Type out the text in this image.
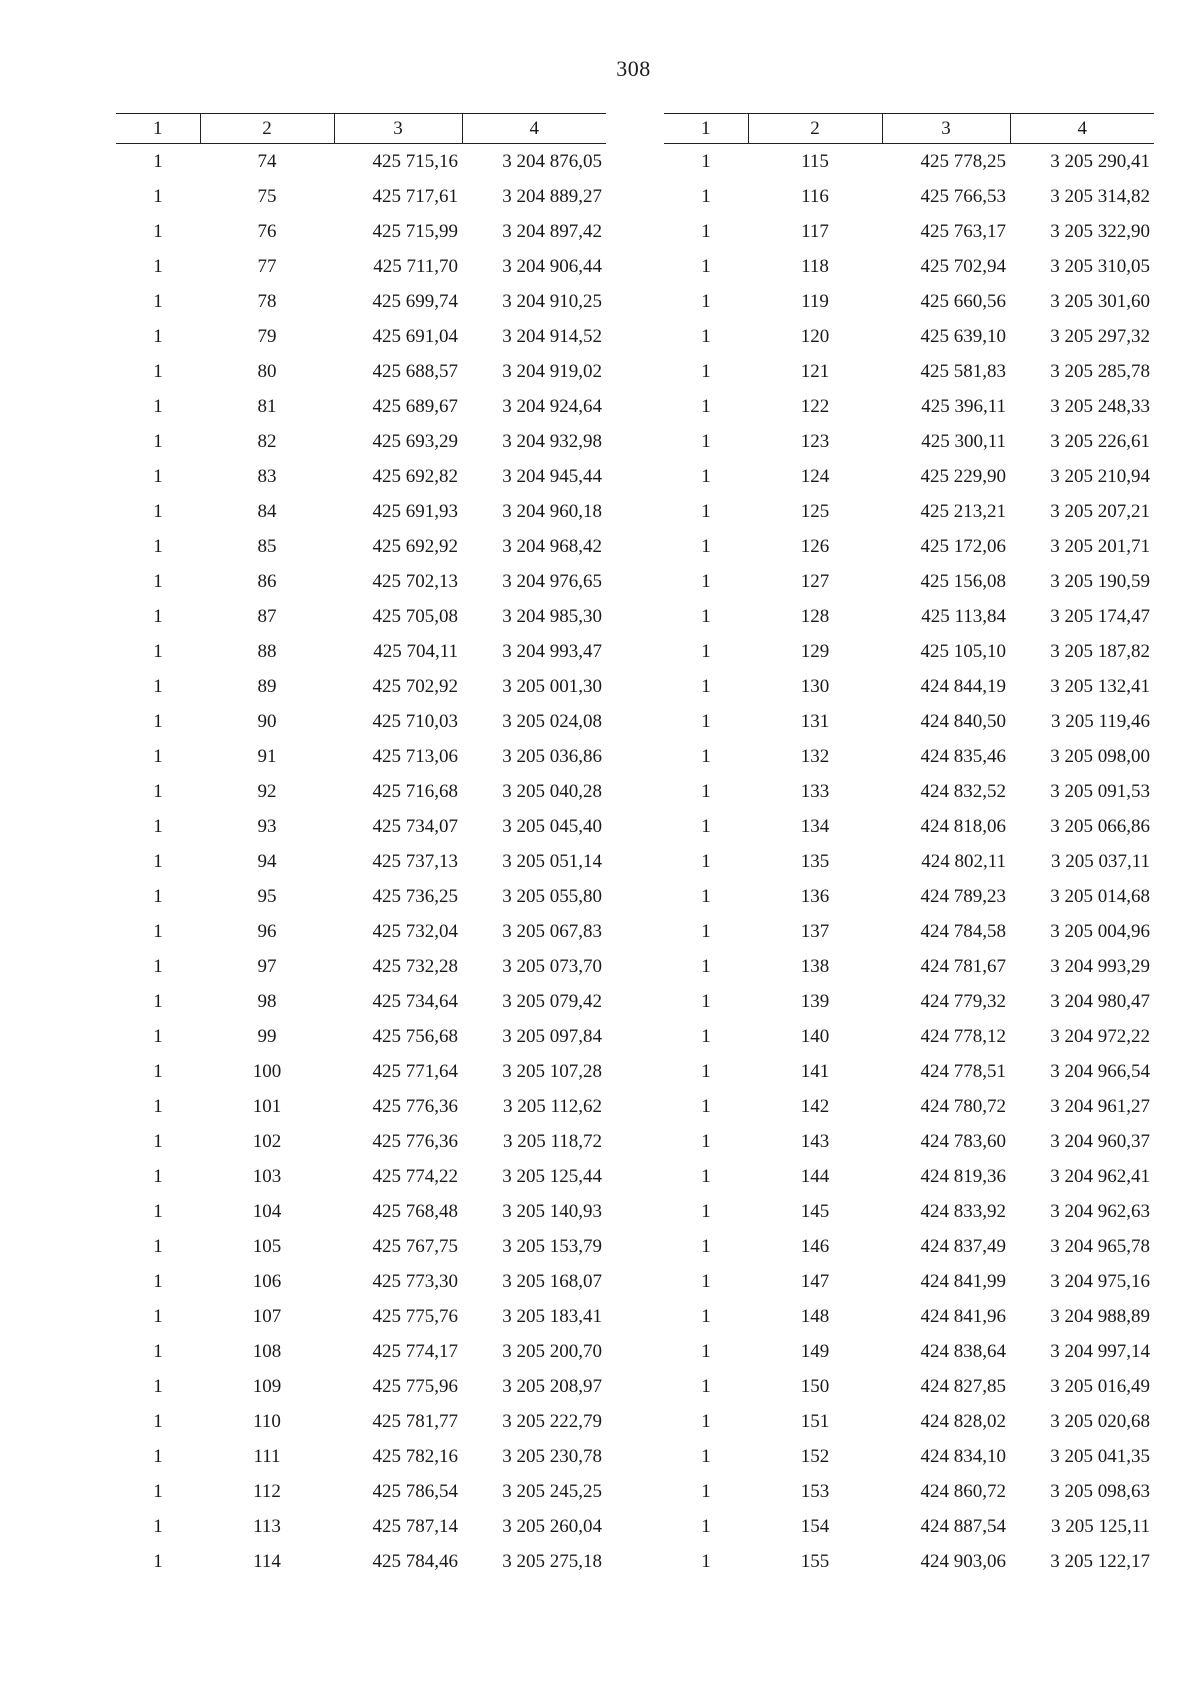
308
1	2	3	4
1	74	425 715,16	3 204 876,05
1	75	425 717,61	3 204 889,27
1	76	425 715,99	3 204 897,42
1	77	425 711,70	3 204 906,44
1	78	425 699,74	3 204 910,25
1	79	425 691,04	3 204 914,52
1	80	425 688,57	3 204 919,02
1	81	425 689,67	3 204 924,64
1	82	425 693,29	3 204 932,98
1	83	425 692,82	3 204 945,44
1	84	425 691,93	3 204 960,18
1	85	425 692,92	3 204 968,42
1	86	425 702,13	3 204 976,65
1	87	425 705,08	3 204 985,30
1	88	425 704,11	3 204 993,47
1	89	425 702,92	3 205 001,30
1	90	425 710,03	3 205 024,08
1	91	425 713,06	3 205 036,86
1	92	425 716,68	3 205 040,28
1	93	425 734,07	3 205 045,40
1	94	425 737,13	3 205 051,14
1	95	425 736,25	3 205 055,80
1	96	425 732,04	3 205 067,83
1	97	425 732,28	3 205 073,70
1	98	425 734,64	3 205 079,42
1	99	425 756,68	3 205 097,84
1	100	425 771,64	3 205 107,28
1	101	425 776,36	3 205 112,62
1	102	425 776,36	3 205 118,72
1	103	425 774,22	3 205 125,44
1	104	425 768,48	3 205 140,93
1	105	425 767,75	3 205 153,79
1	106	425 773,30	3 205 168,07
1	107	425 775,76	3 205 183,41
1	108	425 774,17	3 205 200,70
1	109	425 775,96	3 205 208,97
1	110	425 781,77	3 205 222,79
1	111	425 782,16	3 205 230,78
1	112	425 786,54	3 205 245,25
1	113	425 787,14	3 205 260,04
1	114	425 784,46	3 205 275,18
1	2	3	4
1	115	425 778,25	3 205 290,41
1	116	425 766,53	3 205 314,82
1	117	425 763,17	3 205 322,90
1	118	425 702,94	3 205 310,05
1	119	425 660,56	3 205 301,60
1	120	425 639,10	3 205 297,32
1	121	425 581,83	3 205 285,78
1	122	425 396,11	3 205 248,33
1	123	425 300,11	3 205 226,61
1	124	425 229,90	3 205 210,94
1	125	425 213,21	3 205 207,21
1	126	425 172,06	3 205 201,71
1	127	425 156,08	3 205 190,59
1	128	425 113,84	3 205 174,47
1	129	425 105,10	3 205 187,82
1	130	424 844,19	3 205 132,41
1	131	424 840,50	3 205 119,46
1	132	424 835,46	3 205 098,00
1	133	424 832,52	3 205 091,53
1	134	424 818,06	3 205 066,86
1	135	424 802,11	3 205 037,11
1	136	424 789,23	3 205 014,68
1	137	424 784,58	3 205 004,96
1	138	424 781,67	3 204 993,29
1	139	424 779,32	3 204 980,47
1	140	424 778,12	3 204 972,22
1	141	424 778,51	3 204 966,54
1	142	424 780,72	3 204 961,27
1	143	424 783,60	3 204 960,37
1	144	424 819,36	3 204 962,41
1	145	424 833,92	3 204 962,63
1	146	424 837,49	3 204 965,78
1	147	424 841,99	3 204 975,16
1	148	424 841,96	3 204 988,89
1	149	424 838,64	3 204 997,14
1	150	424 827,85	3 205 016,49
1	151	424 828,02	3 205 020,68
1	152	424 834,10	3 205 041,35
1	153	424 860,72	3 205 098,63
1	154	424 887,54	3 205 125,11
1	155	424 903,06	3 205 122,17
